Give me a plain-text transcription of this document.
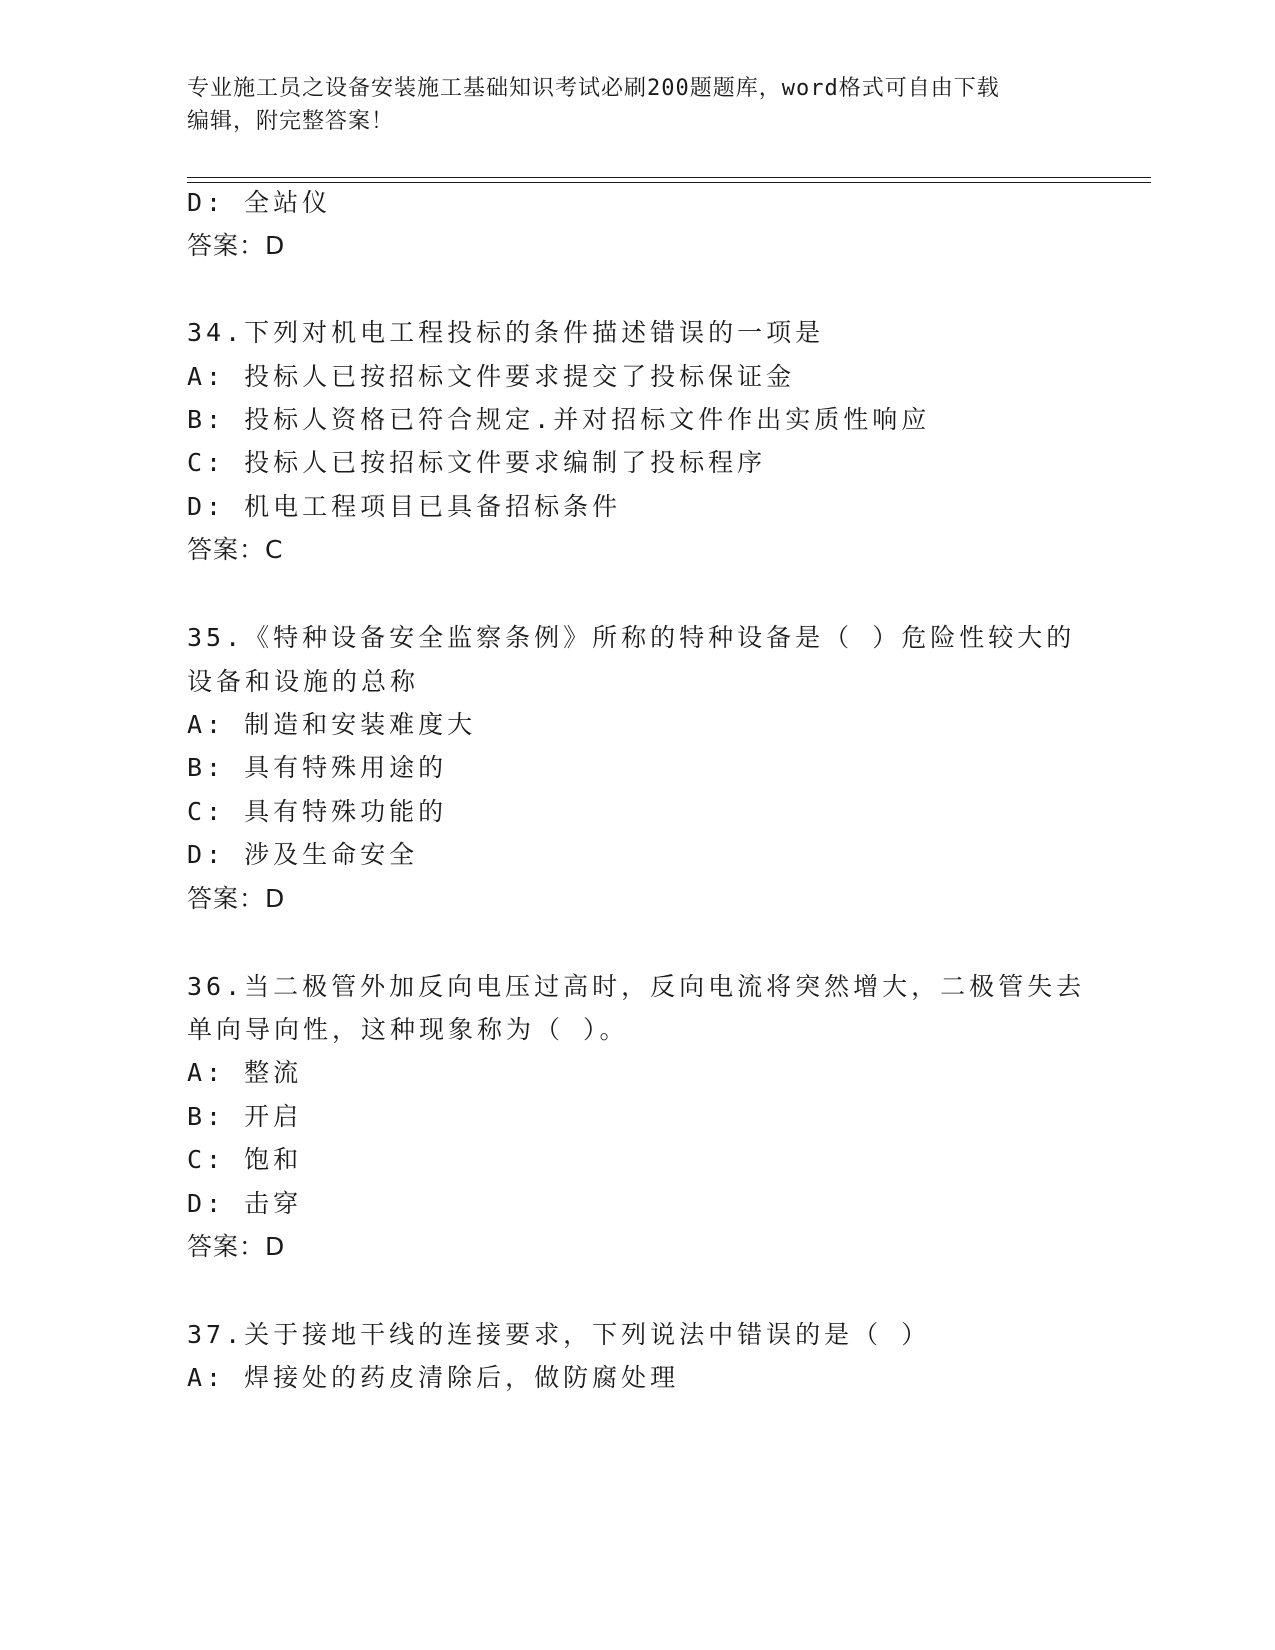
专业施工员之设备安装施工基础知识考试必刷200题题库，word格式可自由下载
编辑，附完整答案！
D: 全站仪
答案：D
34.下列对机电工程投标的条件描述错误的一项是
A: 投标人已按招标文件要求提交了投标保证金
B: 投标人资格已符合规定.并对招标文件作出实质性响应
C: 投标人已按招标文件要求编制了投标程序
D: 机电工程项目已具备招标条件
答案：C
35.《特种设备安全监察条例》所称的特种设备是（ ）危险性较大的
设备和设施的总称
A: 制造和安装难度大
B: 具有特殊用途的
C: 具有特殊功能的
D: 涉及生命安全
答案：D
36.当二极管外加反向电压过高时，反向电流将突然增大，二极管失去
单向导向性，这种现象称为（ ）。
A: 整流
B: 开启
C: 饱和
D: 击穿
答案：D
37.关于接地干线的连接要求，下列说法中错误的是（ ）
A: 焊接处的药皮清除后，做防腐处理
